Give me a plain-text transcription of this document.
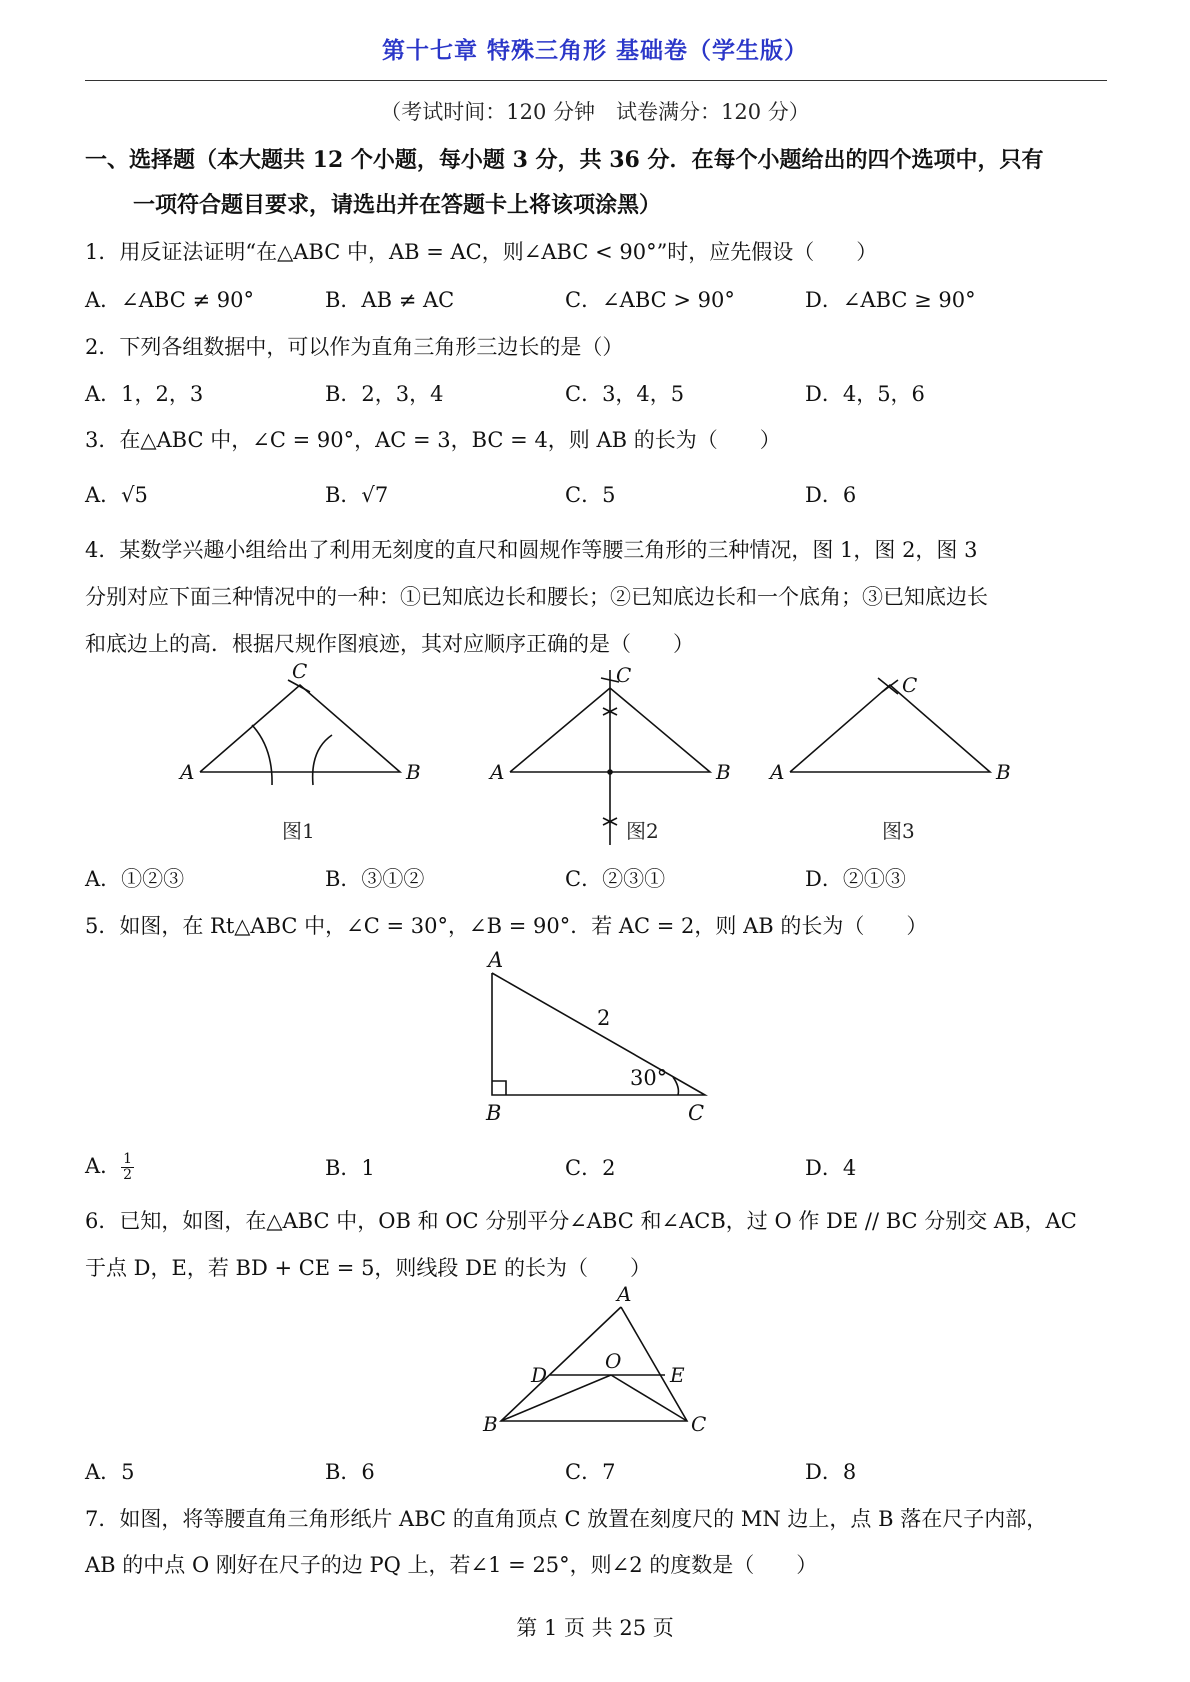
第十七章 特殊三角形 基础卷（学生版）
（考试时间：120 分钟　试卷满分：120 分）
一、选择题（本大题共 12 个小题，每小题 3 分，共 36 分．在每个小题给出的四个选项中，只有
一项符合题目要求，请选出并在答题卡上将该项涂黑）
1．用反证法证明“在△ABC 中，AB = AC，则∠ABC < 90°”时，应先假设（　　）
A．∠ABC ≠ 90°	B．AB ≠ AC	C．∠ABC > 90°	D．∠ABC ≥ 90°
2．下列各组数据中，可以作为直角三角形三边长的是（）
A．1，2，3	B．2，3，4	C．3，4，5	D．4，5，6
3．在△ABC 中，∠C = 90°，AC = 3，BC = 4，则 AB 的长为（　　）
A．√5	B．√7	C．5	D．6
4．某数学兴趣小组给出了利用无刻度的直尺和圆规作等腰三角形的三种情况，图 1，图 2，图 3
分别对应下面三种情况中的一种：①已知底边长和腰长；②已知底边长和一个底角；③已知底边长
和底边上的高．根据尺规作图痕迹，其对应顺序正确的是（　　）
A	B
C
A	B
C
A	B
C
图1	图2	图3
A．①②③	B．③①②	C．②③①	D．②①③
5．如图，在 Rt△ABC 中，∠C = 30°，∠B = 90°．若 AC = 2，则 AB 的长为（　　）
A
B	C
2
30°
A． $\frac{1}{2}$	B．1	C．2	D．4
6．已知，如图，在△ABC 中，OB 和 OC 分别平分∠ABC 和∠ACB，过 O 作 DE // BC 分别交 AB，AC
于点 D，E，若 BD + CE = 5，则线段 DE 的长为（　　）
A
D
O
E
B	C
A．5	B．6	C．7	D．8
7．如图，将等腰直角三角形纸片 ABC 的直角顶点 C 放置在刻度尺的 MN 边上，点 B 落在尺子内部，
AB 的中点 O 刚好在尺子的边 PQ 上，若∠1 = 25°，则∠2 的度数是（　　）
第 1 页 共 25 页
